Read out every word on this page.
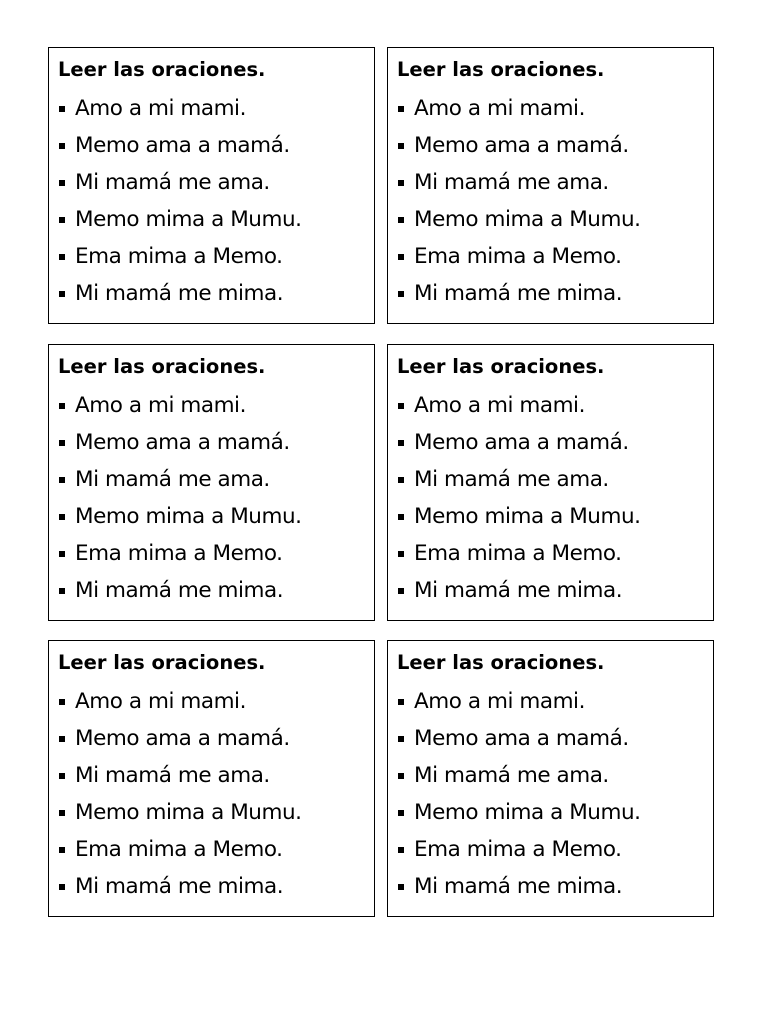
Leer las oraciones.
Amo a mi mami.
Memo ama a mamá.
Mi mamá me ama.
Memo mima a Mumu.
Ema mima a Memo.
Mi mamá me mima.
Leer las oraciones.
Amo a mi mami.
Memo ama a mamá.
Mi mamá me ama.
Memo mima a Mumu.
Ema mima a Memo.
Mi mamá me mima.
Leer las oraciones.
Amo a mi mami.
Memo ama a mamá.
Mi mamá me ama.
Memo mima a Mumu.
Ema mima a Memo.
Mi mamá me mima.
Leer las oraciones.
Amo a mi mami.
Memo ama a mamá.
Mi mamá me ama.
Memo mima a Mumu.
Ema mima a Memo.
Mi mamá me mima.
Leer las oraciones.
Amo a mi mami.
Memo ama a mamá.
Mi mamá me ama.
Memo mima a Mumu.
Ema mima a Memo.
Mi mamá me mima.
Leer las oraciones.
Amo a mi mami.
Memo ama a mamá.
Mi mamá me ama.
Memo mima a Mumu.
Ema mima a Memo.
Mi mamá me mima.
